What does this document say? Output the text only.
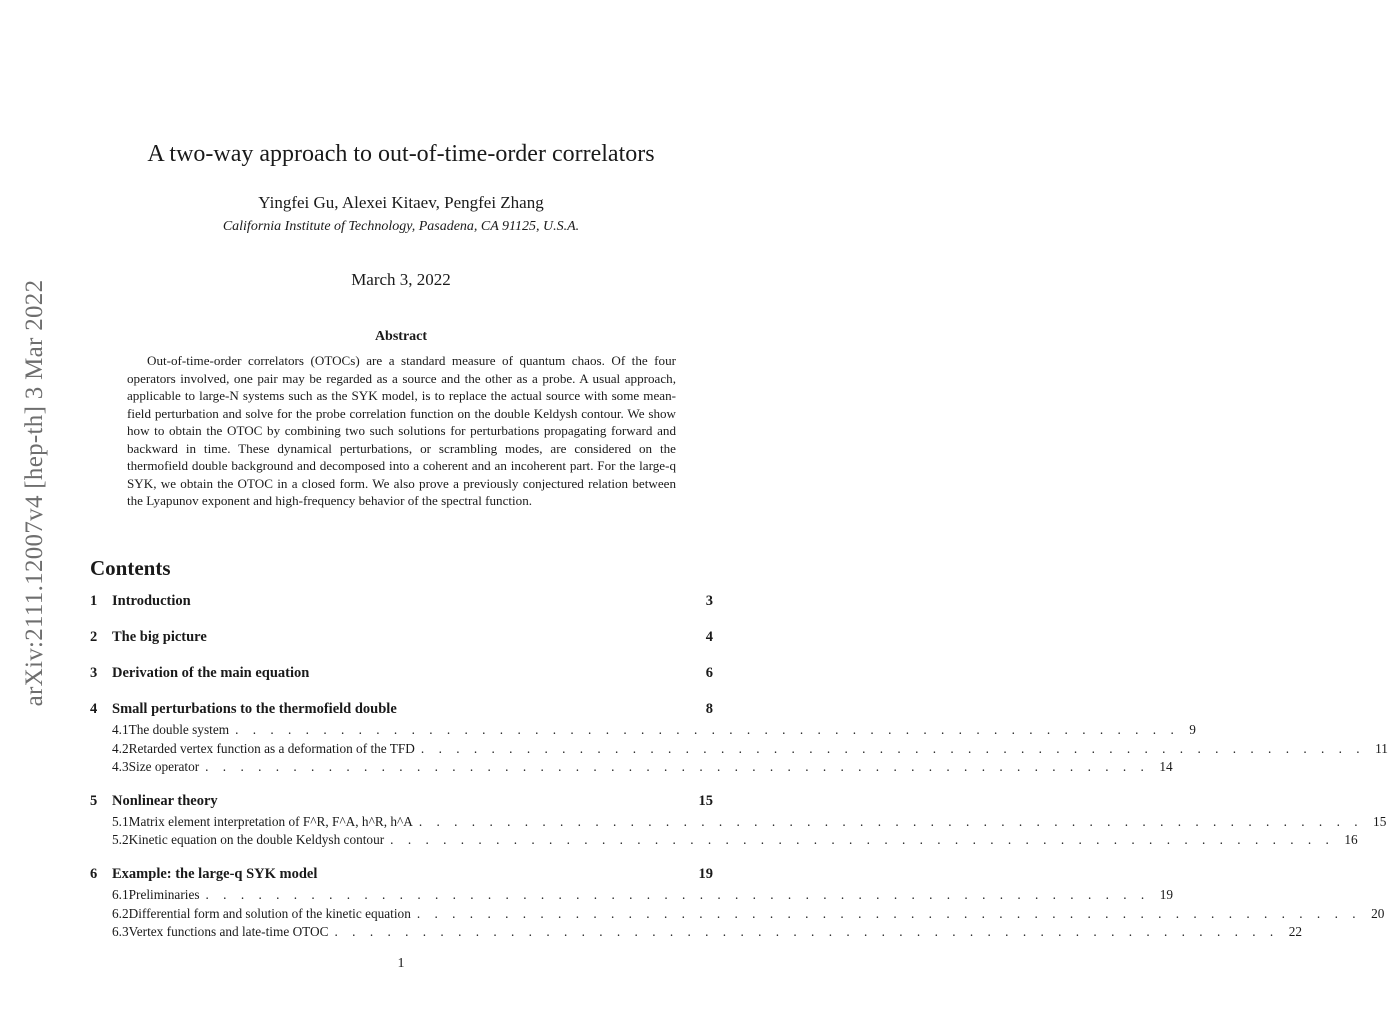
arXiv:2111.12007v4 [hep-th] 3 Mar 2022
A two-way approach to out-of-time-order correlators
Yingfei Gu, Alexei Kitaev, Pengfei Zhang
California Institute of Technology, Pasadena, CA 91125, U.S.A.
March 3, 2022
Abstract

Out-of-time-order correlators (OTOCs) are a standard measure of quantum chaos. Of the four operators involved, one pair may be regarded as a source and the other as a probe. A usual approach, applicable to large-N systems such as the SYK model, is to replace the actual source with some mean-field perturbation and solve for the probe correlation function on the double Keldysh contour. We show how to obtain the OTOC by combining two such solutions for perturbations propagating forward and backward in time. These dynamical perturbations, or scrambling modes, are considered on the thermofield double background and decomposed into a coherent and an incoherent part. For the large-q SYK, we obtain the OTOC in a closed form. We also prove a previously conjectured relation between the Lyapunov exponent and high-frequency behavior of the spectral function.

Contents
1	Introduction	3
2	The big picture	4
3	Derivation of the main equation	6
4	Small perturbations to the thermofield double	8
4.1 The double system . . . . . . . . . . . . . . . . . . . . . . . . . . . . . . . . . . . . . . . . . . . . . . . . . . . . . . 9
4.2 Retarded vertex function as a deformation of the TFD . . . . . . . . . . . . . . . . . . . . . . . . . . . . . . . . . . . . . . . . . . . . . . . . . . . . . . 11
4.3 Size operator . . . . . . . . . . . . . . . . . . . . . . . . . . . . . . . . . . . . . . . . . . . . . . . . . . . . . . 14
5	Nonlinear theory	15
5.1 Matrix element interpretation of F^R, F^A, h^R, h^A . . . . . . . . . . . . . . . . . . . . . . . . . . . . . . . . . . . . . . . . . . . . . . . . . . . . . . 15
5.2 Kinetic equation on the double Keldysh contour . . . . . . . . . . . . . . . . . . . . . . . . . . . . . . . . . . . . . . . . . . . . . . . . . . . . . . 16
6	Example: the large-q SYK model	19
6.1 Preliminaries . . . . . . . . . . . . . . . . . . . . . . . . . . . . . . . . . . . . . . . . . . . . . . . . . . . . . . 19
6.2 Differential form and solution of the kinetic equation . . . . . . . . . . . . . . . . . . . . . . . . . . . . . . . . . . . . . . . . . . . . . . . . . . . . . . 20
6.3 Vertex functions and late-time OTOC . . . . . . . . . . . . . . . . . . . . . . . . . . . . . . . . . . . . . . . . . . . . . . . . . . . . . . 22
1
